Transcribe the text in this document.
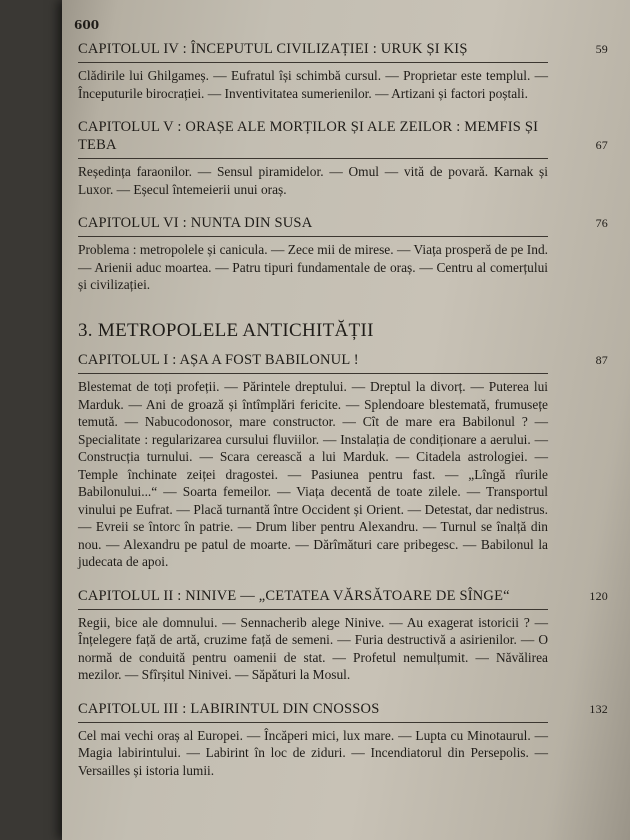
600
CAPITOLUL IV : ÎNCEPUTUL CIVILIZAȚIEI : URUK ȘI KIȘ	59
Clădirile lui Ghilgameș. — Eufratul își schimbă cursul. — Proprietar este templul. — Începuturile birocrației. — Inventivitatea sumerienilor. — Artizani și factori poștali.
CAPITOLUL V : ORAȘE ALE MORȚILOR ȘI ALE ZEILOR : MEMFIS ȘI TEBA	67
Reședința faraonilor. — Sensul piramidelor. — Omul — vită de povară. Karnak și Luxor. — Eșecul întemeierii unui oraș.
CAPITOLUL VI : NUNTA DIN SUSA	76
Problema : metropolele și canicula. — Zece mii de mirese. — Viața prosperă de pe Ind. — Arienii aduc moartea. — Patru tipuri fundamentale de oraș. — Centru al comerțului și civilizației.
3. METROPOLELE ANTICHITĂȚII
CAPITOLUL I : AȘA A FOST BABILONUL !	87
Blestemat de toți profeții. — Părintele dreptului. — Dreptul la divorț. — Puterea lui Marduk. — Ani de groază și întîmplări fericite. — Splendoare blestemată, frumusețe temută. — Nabucodonosor, mare constructor. — Cît de mare era Babilonul ? — Specialitate : regularizarea cursului fluviilor. — Instalația de condiționare a aerului. — Construcția turnului. — Scara cerească a lui Marduk. — Citadela astrologiei. — Temple închinate zeiței dragostei. — Pasiunea pentru fast. — „Lîngă rîurile Babilonului...“ — Soarta femeilor. — Viața decentă de toate zilele. — Transportul vinului pe Eufrat. — Placă turnantă între Occident și Orient. — Detestat, dar nedistrus. — Evreii se întorc în patrie. — Drum liber pentru Alexandru. — Turnul se înalță din nou. — Alexandru pe patul de moarte. — Dărîmături care pribegesc. — Babilonul la judecata de apoi.
CAPITOLUL II : NINIVE — „CETATEA VĂRSĂTOARE DE SÎNGE“	120
Regii, bice ale domnului. — Sennacherib alege Ninive. — Au exagerat istoricii ? — Înțelegere față de artă, cruzime față de semeni. — Furia destructivă a asirienilor. — O normă de conduită pentru oamenii de stat. — Profetul nemulțumit. — Năvălirea mezilor. — Sfîrșitul Niniveі. — Săpături la Mosul.
CAPITOLUL III : LABIRINTUL DIN CNOSSOS	132
Cel mai vechi oraș al Europei. — Încăperi mici, lux mare. — Lupta cu Minotaurul. — Magia labirintului. — Labirint în loc de ziduri. — Incendiatorul din Persepolis. — Versailles și istoria lumii.
